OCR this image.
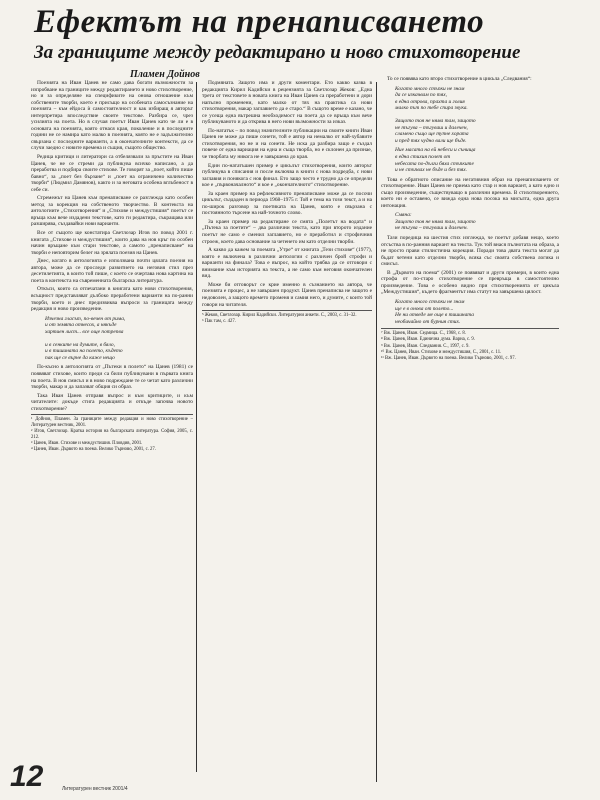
Ефектът на пренаписването
За границите между редактирано и ново стихотворение
Пламен Дойнов

Поезията на Иван Цанев не само дава богати възможности за изпробване на границите между редактирането и ново стихотворение, но и за определяне на спецификите на онова отношение към собствените творби, което е присъщо на особената самосъзнание на поезията – към ейдоса ѝ самостоятелност и как избиращ я авторът интерпретира впоследствие своите текстове. Разбира се, чрез усилията на поета. Но в случая поетът Иван Цанев като че ли е в основата на поезията, която отнася края, поколение и в последните години не се намира като малко в поезията, която не е задължително свързана с последните варианти, а в окончателните контексти, да се случи заедно с новите времена и същия, същото общество.

Редица критици и литератори са отбелязвали за пръстите на Иван Цанев, че не се стреми да публикува всичко написано, а да преработва и подбира своите стихове. Те говорят за „поет, който пише бавно“, за „поет без бързане“ и „поет на ограничено количество творби“ (Людмил Дамянов), както и за неговата особена вглъбеност в себе си.

Стремежът на Цанев към пренаписване се разглежда като особен метод за корекция на собственото творчество. В контекста на антологиите „Стихотворения“ и „Стихове и междустишия“ поетът се връща към вече издадени текстове, като ги редактира, съкращава или разширява, създавайки нови варианти.

Все от същото ще констатира Светлозар Игов по повод 2001 г. книгата „Стихове и междустишия“, които дава на нов кръг по особен начин връщане към стари текстове, а самото „пренаписване“ на творби е неповторим белег на зрялата поезия на Цанев.

Днес, когато в антологията е използвана почти цялата поезия на автора, може да се проследи развитието на неговия стил през десетилетията, в които той пише, с което се очертава нова картина на поета в контекста на съвременната българска литература.

Откъси, които са отпечатани в книгата като нови стихотворения, всъщност представляват дълбоко преработени варианти на по-ранни творби, което и днес предизвиква въпроси за границата между редакция и ново произведение.

Изчезна гласът, по-вечен от рима,
и от земята отнесох, а някъде
хартиен лист... все още потрепва

и в сенките на думите, в бяло,
и в тишината на полето, където
пак ще се върне да каже нещо

По-късно в антологията от „Пътеки в полето“ на Цанев (1981) се появяват стихове, които преди са били публикувани в първата книга на поета. В нов смисъл и в ново подреждане те се четат като различни творби, макар и да запазват общия си образ.

Така Иван Цанев отправя въпрос и към критиците, и към читателите: докъде стига редакцията и откъде започва новото стихотворение?

¹ Дойнов, Пламен. За границите между редакция и ново стихотворение – Литературен вестник, 2001.
² Игов, Светлозар. Кратка история на българската литература. София, 2005, с. 212.
³ Цанев, Иван. Стихове и междустишия. Пловдив, 2001.
⁴ Цанев, Иван. Дървото на поема. Велико Търново, 2001, с. 27.

Подмяната. Защото има и други коментари. Ето какво казва в редакцията Кирил Кадийски в рецензията за Светлозар Жеков: „Една трета от текстовете в новата книга на Иван Цанев са преработени и дори напълно променени, като малко от тях на практика са нови стихотворения, макар заглавието да е старо.“ В същото време е казано, че се усеща една вътрешна необходимост на поета да се връща към вече публикуваното и да открива в него нови възможности за изказ.

По-нататък – по повод значителните публикации на своите книги Иван Цанев не може да пише сонети, той е автор на немалко от най-хубавите стихотворения, но не и на сонети. Не иска да разбира защо е създал повече от една вариация на една и съща творба, но е склонен да признае, че творбата му никога не е завършена до края.

Един по-нататъшен пример е цикълът стихотворения, които авторът публикува в списания и после включва в книги с нова подредба, с нови заглавия и понякога с нов финал. Ето защо често е трудно да се определи кое е „първоначалното“ и кое е „окончателното“ стихотворение.

За краен пример на рефлексивното пренаписване може да се посочи цикълът, създаден в периода 1968–1975 г. Той е тема на този текст, а и на по-широк разговор за поетиката на Цанев, която е свързана с постоянното търсене на най-точното слово.

За краен пример на редактиране се смята „Полетът на водата“ и „Пътека за поетите“ – два различни текста, като при второто издание поетът не само е сменил заглавието, но е преработил и строфичния строеж, което дава основание за четенето им като отделни творби.

А какво да кажем за поемата „Утре“ от книгата „Тези стихове“ (1977), която е включена в различни антологии с различен брой строфи и варианти на финала? Това е въпрос, на който трябва да се отговори с внимание към историята на текста, а не само към неговия окончателен вид.

Може би отговорът се крие именно в съзнанието на автора, че поезията е процес, а не завършен продукт. Цанев пренаписва не защото е недоволен, а защото времето променя и самия него, и думите, с които той говори на читателя.

⁵ Жеков, Светлозар. Кирил Кадийски. Литературни анкети. С., 2003, с. 31–32.
⁶ Пак там, с. 427.

То се появява като второ стихотворение в цикъла „Следвания“:

Когато много стъпки не знам
да се изкачвам по тях,
в една отрова, прахта и голия
малко път по тебе спира звука.

Защото тоя не няма там, защото
не тъгува – тъгуваш и далечен,
сламено също ще тупне хората
и пред тях чудно вали ще бъде.
Ние масата на ей небеси и сънища
в една стихия полет от
небесата по-дълги бяха стъпките
и не стъпвах не бъде и без тях.

Това е обратното описание на негативния образ на пренаписването от стихотворение. Иван Цанев не приема като стар и нов вариант, а като едно и също произведение, съществуващо в различни времена. В стихотворението, което ни е оставено, се вижда една нова посока на мисълта, една друга интонация.

Смяна:
Защото тоя не няма там, защото
не тъгува – тъгуваш и далечен.

Тази поредица на шестия стих изглежда, че поетът добавя нещо, което отсъства в по-ранния вариант на текста. Тук той внася пълнотата на образа, а не просто прави стилистична корекция. Поради това двата текста могат да бъдат четени като отделни творби, всяка със своята собствена логика и смисъл.

В „Дървото на поема“ (2001) се появяват и други примери, в които една строфа от по-старо стихотворение се превръща в самостоятелно произведение. Това е особено видно при стихотворенията от цикъла „Междустишия“, където фрагментът има статут на завършена цялост.

Когато много стъпки не знам
ще е в онова от полето...
Не ни отведе ме още в тишината
необичайно от бурния стих.
⁷ Вж. Цанев, Иван. Седмица. С., 1968, с. 8.
⁸ Вж. Цанев, Иван. Единична дума. Варна, с. 9.
⁹ Вж. Цанев, Иван. Следвания. С., 1997, с. 9.
¹⁰ Вж. Цанев, Иван. Стихове и междустишия, С., 2001, с. 11.
¹¹ Вж. Цанев, Иван. Дървото на поема. Велико Търново, 2001, с. 97.
12	Литературен вестник 2001/4
